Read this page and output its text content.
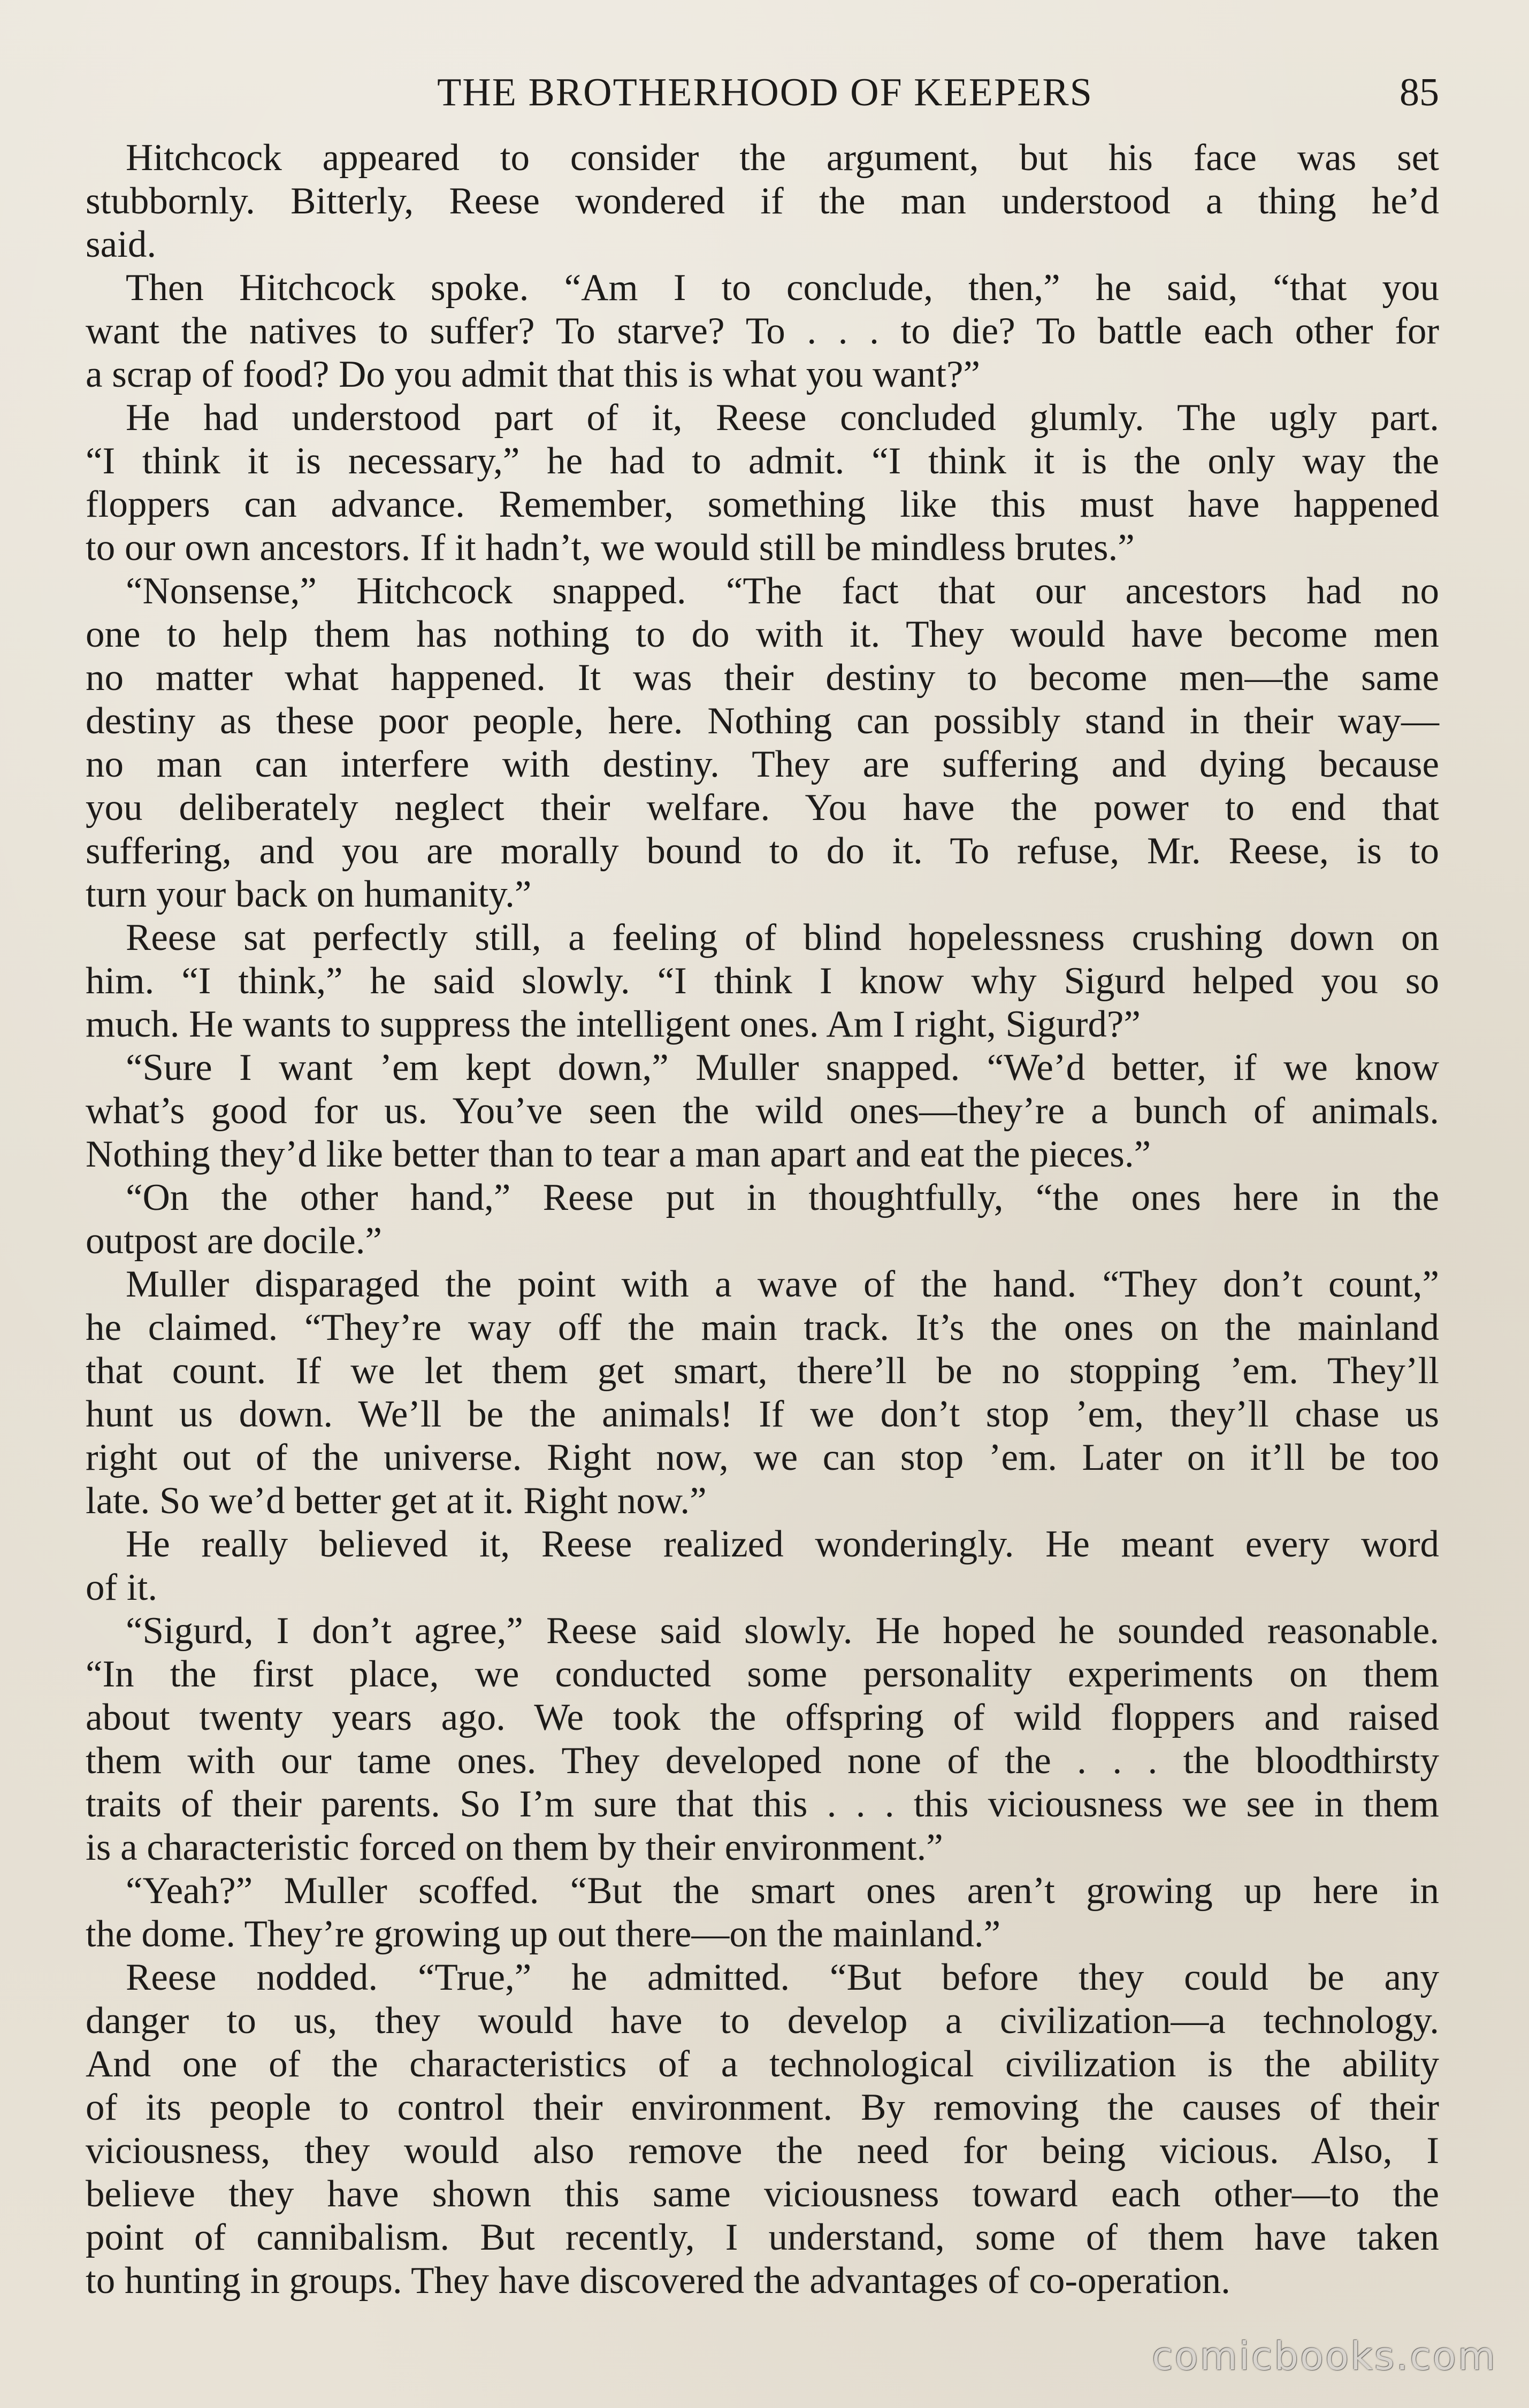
THE BROTHERHOOD OF KEEPERS	85

Hitchcock appeared to consider the argument, but his face was set
stubbornly. Bitterly, Reese wondered if the man understood a thing he’d
said.

Then Hitchcock spoke. “Am I to conclude, then,” he said, “that you
want the natives to suffer? To starve? To . . . to die? To battle each other for
a scrap of food? Do you admit that this is what you want?”

He had understood part of it, Reese concluded glumly. The ugly part.
“I think it is necessary,” he had to admit. “I think it is the only way the
floppers can advance. Remember, something like this must have happened
to our own ancestors. If it hadn’t, we would still be mindless brutes.”

“Nonsense,” Hitchcock snapped. “The fact that our ancestors had no
one to help them has nothing to do with it. They would have become men
no matter what happened. It was their destiny to become men—the same
destiny as these poor people, here. Nothing can possibly stand in their way—
no man can interfere with destiny. They are suffering and dying because
you deliberately neglect their welfare. You have the power to end that
suffering, and you are morally bound to do it. To refuse, Mr. Reese, is to
turn your back on humanity.”

Reese sat perfectly still, a feeling of blind hopelessness crushing down on
him. “I think,” he said slowly. “I think I know why Sigurd helped you so
much. He wants to suppress the intelligent ones. Am I right, Sigurd?”

“Sure I want ’em kept down,” Muller snapped. “We’d better, if we know
what’s good for us. You’ve seen the wild ones—they’re a bunch of animals.
Nothing they’d like better than to tear a man apart and eat the pieces.”

“On the other hand,” Reese put in thoughtfully, “the ones here in the
outpost are docile.”

Muller disparaged the point with a wave of the hand. “They don’t count,”
he claimed. “They’re way off the main track. It’s the ones on the mainland
that count. If we let them get smart, there’ll be no stopping ’em. They’ll
hunt us down. We’ll be the animals! If we don’t stop ’em, they’ll chase us
right out of the universe. Right now, we can stop ’em. Later on it’ll be too
late. So we’d better get at it. Right now.”

He really believed it, Reese realized wonderingly. He meant every word
of it.

“Sigurd, I don’t agree,” Reese said slowly. He hoped he sounded reasonable.
“In the first place, we conducted some personality experiments on them
about twenty years ago. We took the offspring of wild floppers and raised
them with our tame ones. They developed none of the . . . the bloodthirsty
traits of their parents. So I’m sure that this . . . this viciousness we see in them
is a characteristic forced on them by their environment.”

“Yeah?” Muller scoffed. “But the smart ones aren’t growing up here in
the dome. They’re growing up out there—on the mainland.”

Reese nodded. “True,” he admitted. “But before they could be any
danger to us, they would have to develop a civilization—a technology.
And one of the characteristics of a technological civilization is the ability
of its people to control their environment. By removing the causes of their
viciousness, they would also remove the need for being vicious. Also, I
believe they have shown this same viciousness toward each other—to the
point of cannibalism. But recently, I understand, some of them have taken
to hunting in groups. They have discovered the advantages of co-operation.

comicbooks.com
